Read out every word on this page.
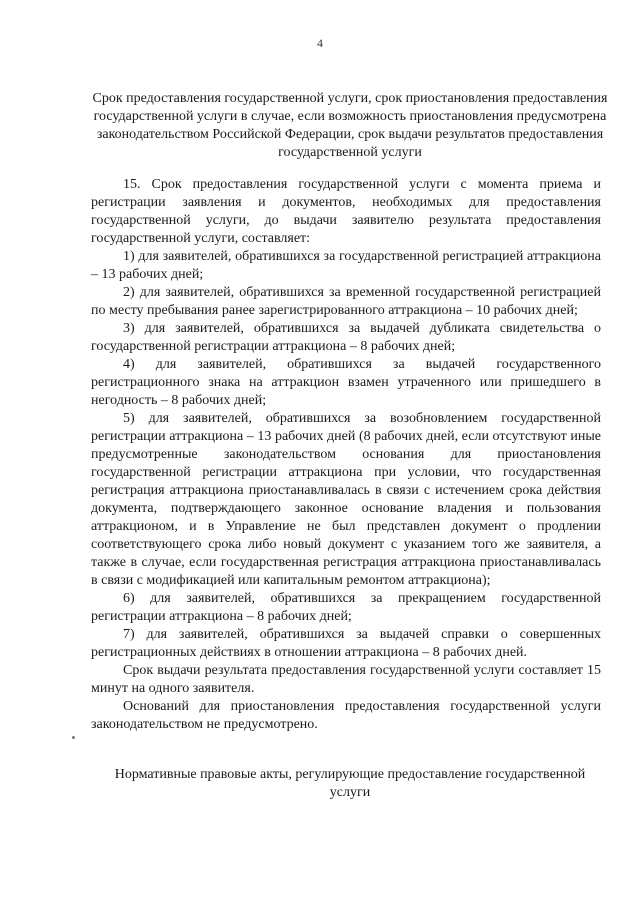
4
Срок предоставления государственной услуги, срок приостановления предоставления государственной услуги в случае, если возможность приостановления предусмотрена законодательством Российской Федерации, срок выдачи результатов предоставления государственной услуги

15. Срок предоставления государственной услуги с момента приема и регистрации заявления и документов, необходимых для предоставления государственной услуги, до выдачи заявителю результата предоставления государственной услуги, составляет:

1) для заявителей, обратившихся за государственной регистрацией аттракциона – 13 рабочих дней;

2) для заявителей, обратившихся за временной государственной регистрацией по месту пребывания ранее зарегистрированного аттракциона – 10 рабочих дней;

3) для заявителей, обратившихся за выдачей дубликата свидетельства о государственной регистрации аттракциона – 8 рабочих дней;

4) для заявителей, обратившихся за выдачей государственного регистрационного знака на аттракцион взамен утраченного или пришедшего в негодность – 8 рабочих дней;

5) для заявителей, обратившихся за возобновлением государственной регистрации аттракциона – 13 рабочих дней (8 рабочих дней, если отсутствуют иные предусмотренные законодательством основания для приостановления государственной регистрации аттракциона при условии, что государственная регистрация аттракциона приостанавливалась в связи с истечением срока действия документа, подтверждающего законное основание владения и пользования аттракционом, и в Управление не был представлен документ о продлении соответствующего срока либо новый документ с указанием того же заявителя, а также в случае, если государственная регистрация аттракциона приостанавливалась в связи с модификацией или капитальным ремонтом аттракциона);

6) для заявителей, обратившихся за прекращением государственной регистрации аттракциона – 8 рабочих дней;

7) для заявителей, обратившихся за выдачей справки о совершенных регистрационных действиях в отношении аттракциона – 8 рабочих дней.

Срок выдачи результата предоставления государственной услуги составляет 15 минут на одного заявителя.

Оснований для приостановления предоставления государственной услуги законодательством не предусмотрено.

Нормативные правовые акты, регулирующие предоставление государственной услуги
